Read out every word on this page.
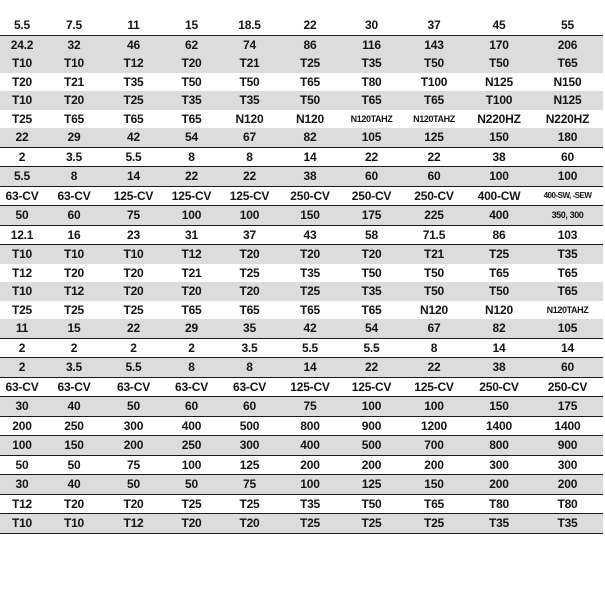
5.5	7.5	11	15	18.5	22	30	37	45	55
24.2	32	46	62	74	86	116	143	170	206
T10	T10	T12	T20	T21	T25	T35	T50	T50	T65
T20	T21	T35	T50	T50	T65	T80	T100	N125	N150
T10	T20	T25	T35	T35	T50	T65	T65	T100	N125
T25	T65	T65	T65	N120	N120	N120TAHZ	N120TAHZ	N220HZ	N220HZ
22	29	42	54	67	82	105	125	150	180
2	3.5	5.5	8	8	14	22	22	38	60
5.5	8	14	22	22	38	60	60	100	100
63-CV	63-CV	125-CV	125-CV	125-CV	250-CV	250-CV	250-CV	400-CW	400-SW, -SEW
50	60	75	100	100	150	175	225	400	350, 300
12.1	16	23	31	37	43	58	71.5	86	103
T10	T10	T10	T12	T20	T20	T20	T21	T25	T35
T12	T20	T20	T21	T25	T35	T50	T50	T65	T65
T10	T12	T20	T20	T20	T25	T35	T50	T50	T65
T25	T25	T25	T65	T65	T65	T65	N120	N120	N120TAHZ
11	15	22	29	35	42	54	67	82	105
2	2	2	2	3.5	5.5	5.5	8	14	14
2	3.5	5.5	8	8	14	22	22	38	60
63-CV	63-CV	63-CV	63-CV	63-CV	125-CV	125-CV	125-CV	250-CV	250-CV
30	40	50	60	60	75	100	100	150	175
200	250	300	400	500	800	900	1200	1400	1400
100	150	200	250	300	400	500	700	800	900
50	50	75	100	125	200	200	200	300	300
30	40	50	50	75	100	125	150	200	200
T12	T20	T20	T25	T25	T35	T50	T65	T80	T80
T10	T10	T12	T20	T20	T25	T25	T25	T35	T35
